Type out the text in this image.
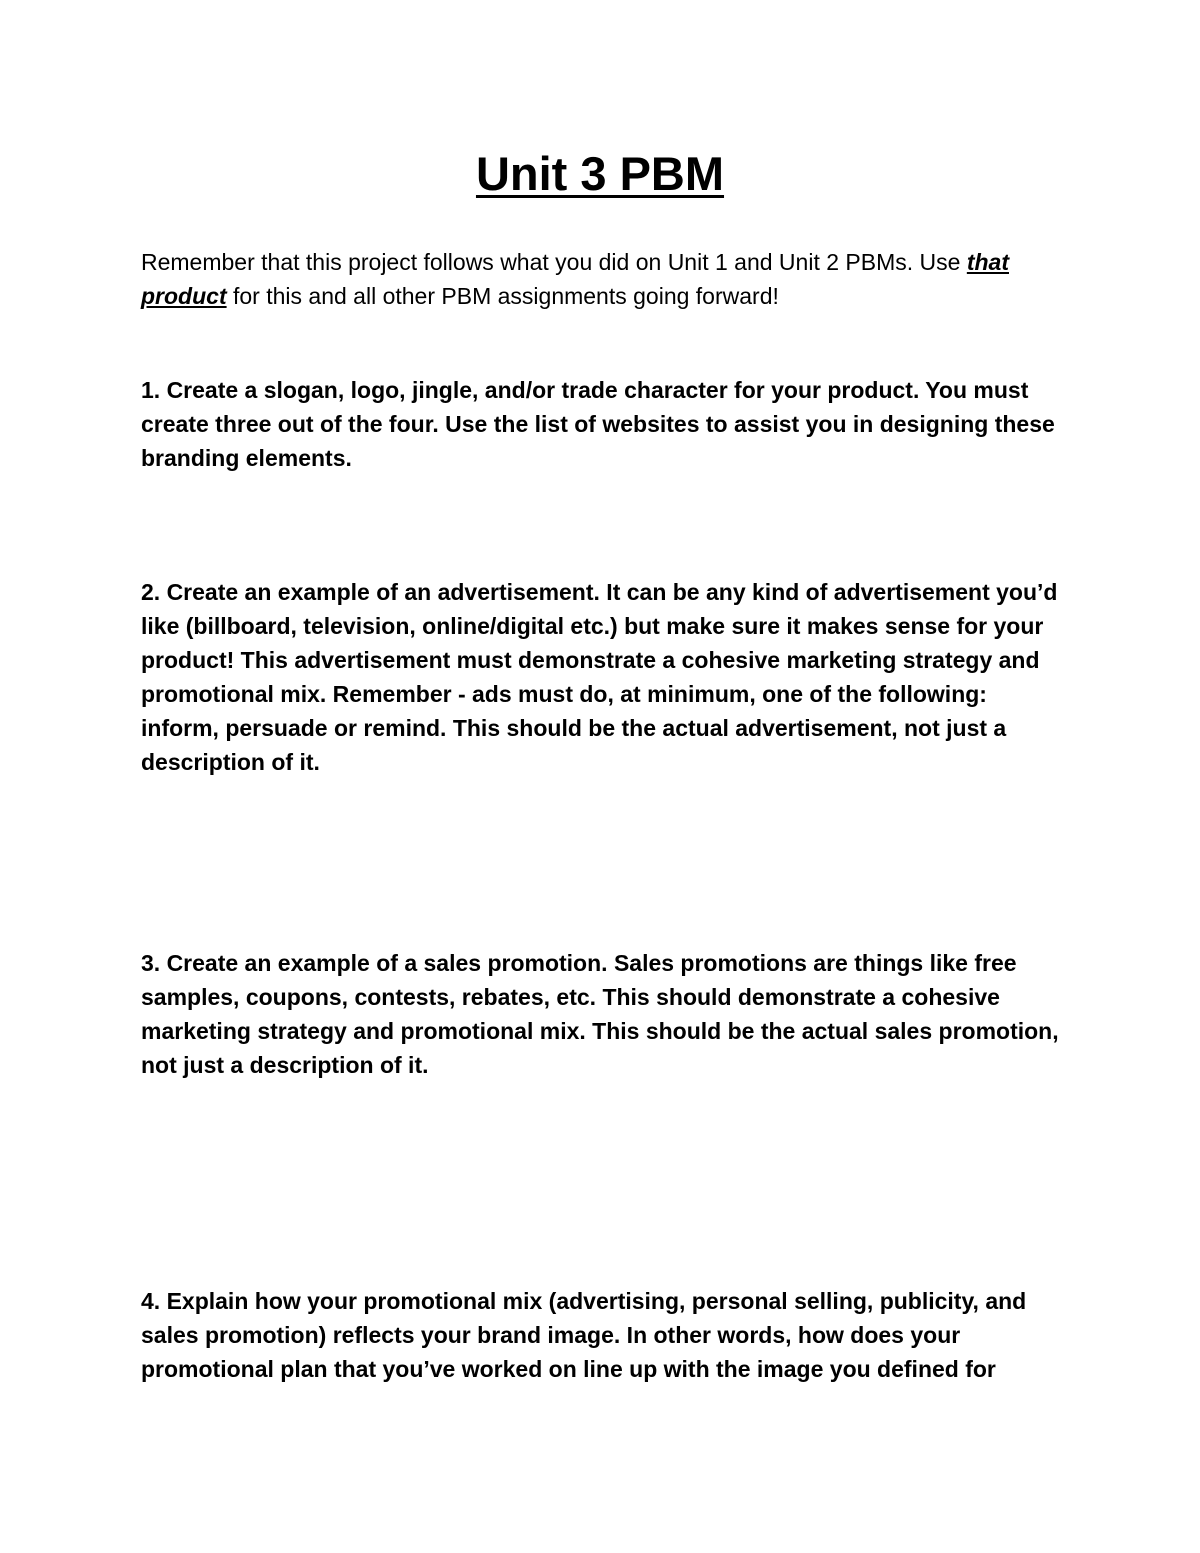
Unit 3 PBM

Remember that this project follows what you did on Unit 1 and Unit 2 PBMs. Use that product for this and all other PBM assignments going forward!

1. Create a slogan, logo, jingle, and/or trade character for your product. You must create three out of the four. Use the list of websites to assist you in designing these branding elements.

2. Create an example of an advertisement. It can be any kind of advertisement you’d like (billboard, television, online/digital etc.) but make sure it makes sense for your product! This advertisement must demonstrate a cohesive marketing strategy and promotional mix. Remember - ads must do, at minimum, one of the following: inform, persuade or remind. This should be the actual advertisement, not just a description of it.

3. Create an example of a sales promotion. Sales promotions are things like free samples, coupons, contests, rebates, etc. This should demonstrate a cohesive marketing strategy and promotional mix. This should be the actual sales promotion, not just a description of it.

4. Explain how your promotional mix (advertising, personal selling, publicity, and sales promotion) reflects your brand image. In other words, how does your promotional plan that you’ve worked on line up with the image you defined for
